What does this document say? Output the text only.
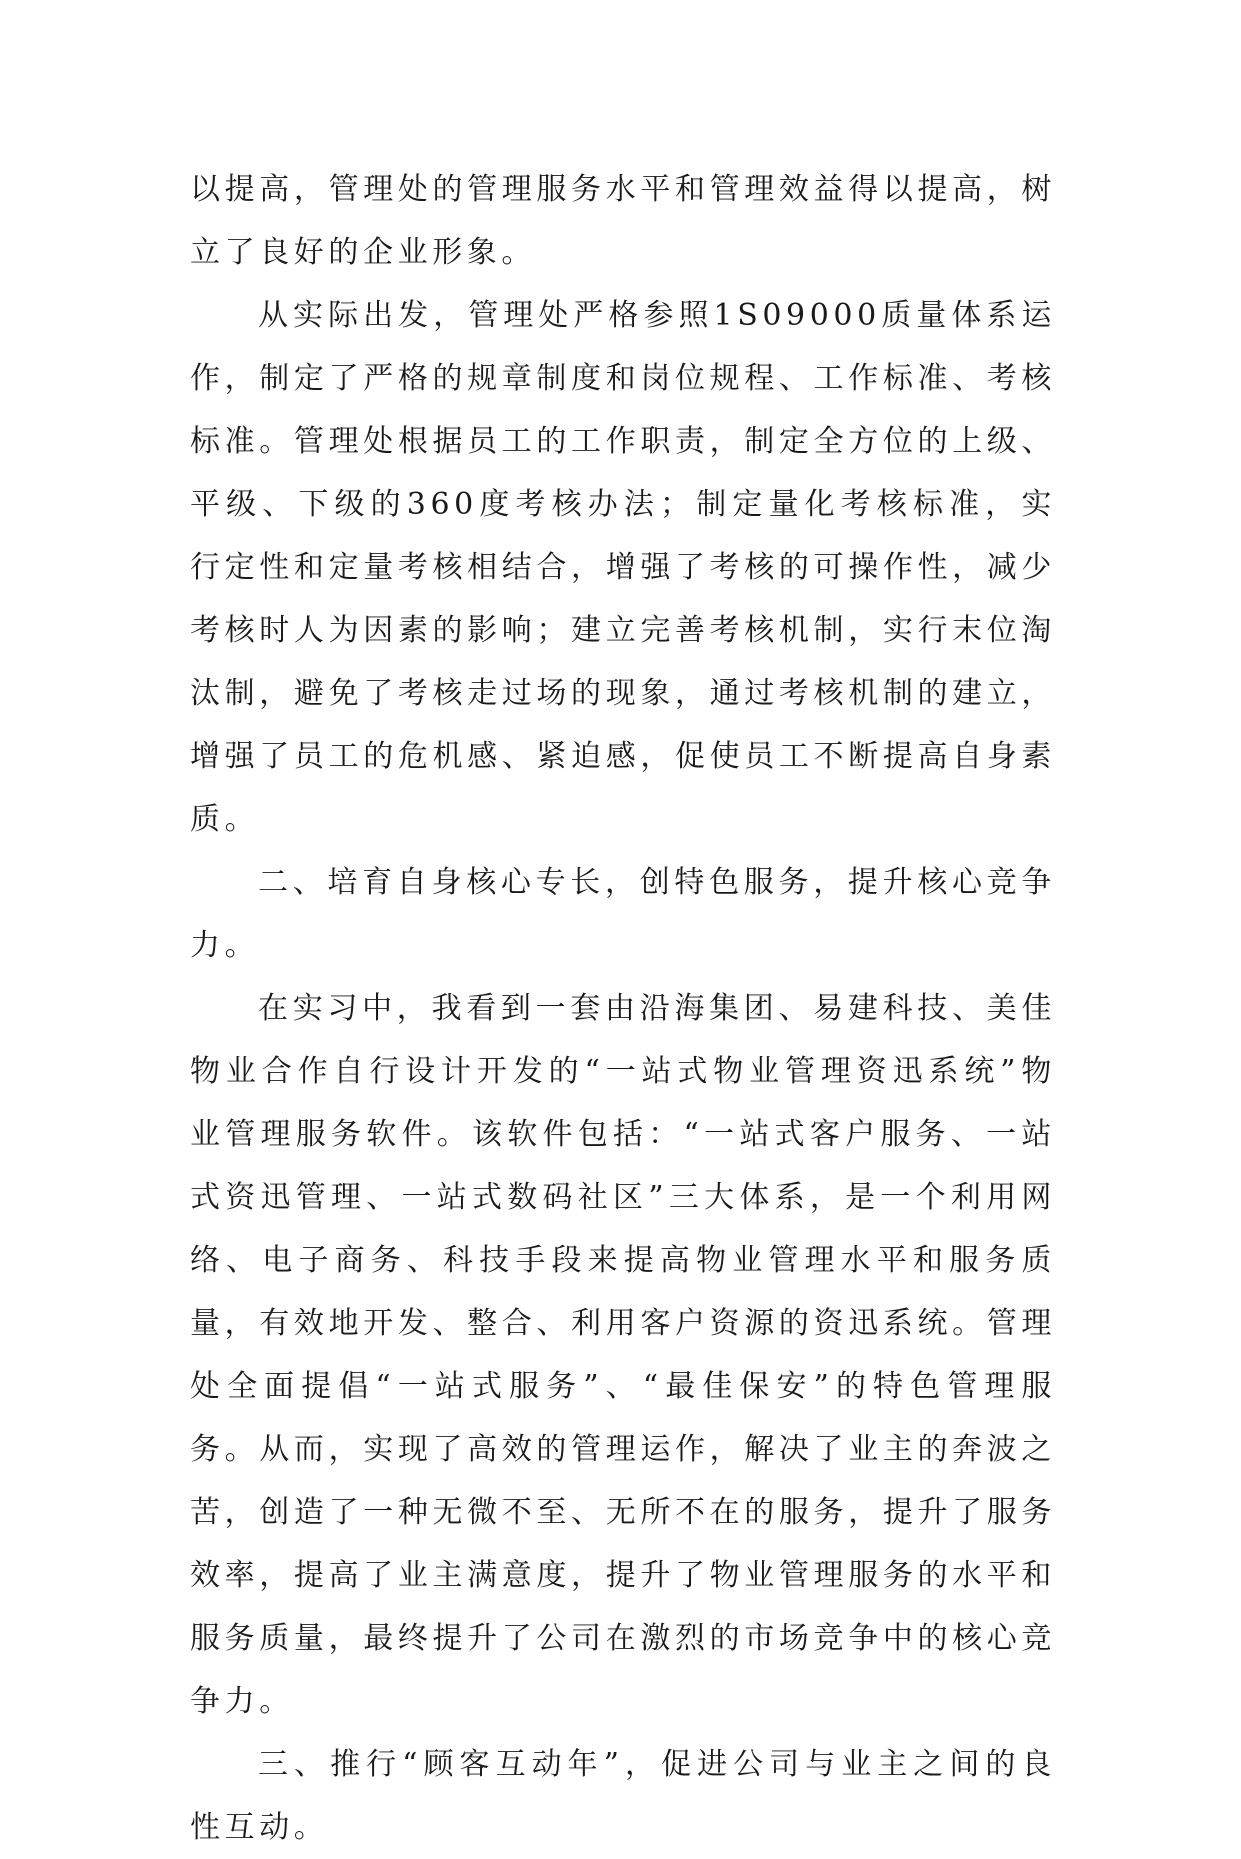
以提高，管理处的管理服务水平和管理效益得以提高，树立了良好的企业形象。

从实际出发，管理处严格参照1S09000质量体系运作，制定了严格的规章制度和岗位规程、工作标准、考核标准。管理处根据员工的工作职责，制定全方位的上级、平级、下级的360度考核办法；制定量化考核标准，实行定性和定量考核相结合，增强了考核的可操作性，减少考核时人为因素的影响；建立完善考核机制，实行末位淘汰制，避免了考核走过场的现象，通过考核机制的建立，增强了员工的危机感、紧迫感，促使员工不断提高自身素质。

二、培育自身核心专长，创特色服务，提升核心竞争力。

在实习中，我看到一套由沿海集团、易建科技、美佳物业合作自行设计开发的“一站式物业管理资迅系统”物业管理服务软件。该软件包括：“一站式客户服务、一站式资迅管理、一站式数码社区”三大体系，是一个利用网络、电子商务、科技手段来提高物业管理水平和服务质量，有效地开发、整合、利用客户资源的资迅系统。管理处全面提倡“一站式服务”、“最佳保安”的特色管理服务。从而，实现了高效的管理运作，解决了业主的奔波之苦，创造了一种无微不至、无所不在的服务，提升了服务效率，提高了业主满意度，提升了物业管理服务的水平和服务质量，最终提升了公司在激烈的市场竞争中的核心竞争力。

三、推行“顾客互动年”，促进公司与业主之间的良性互动。
